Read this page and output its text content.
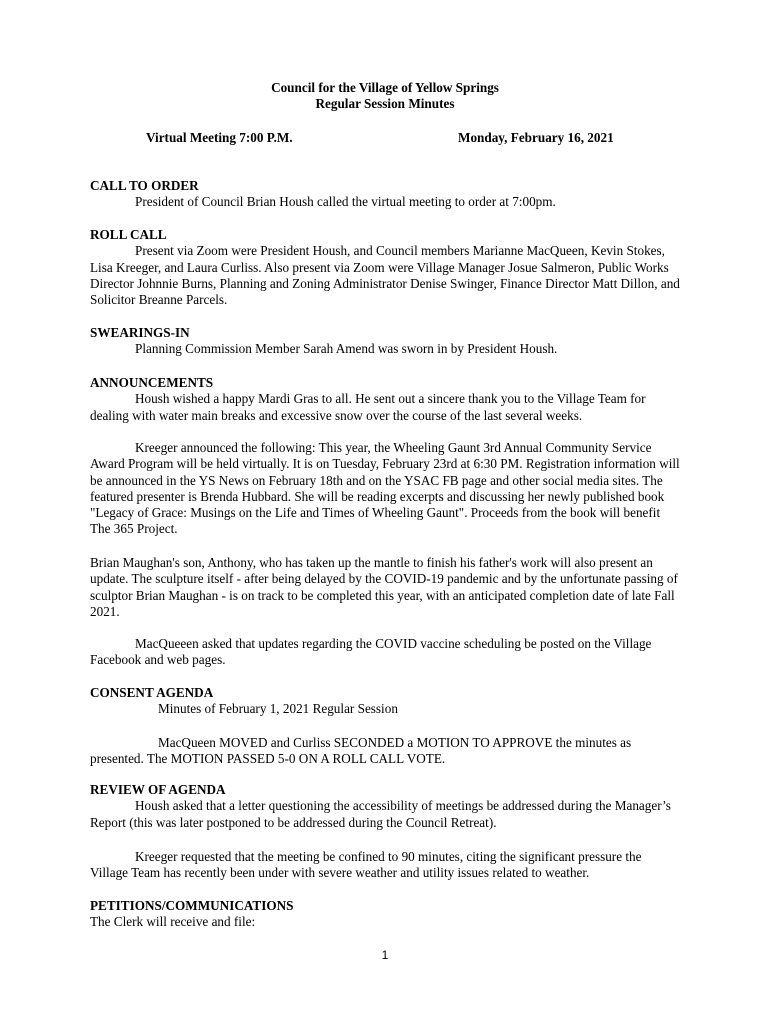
Council for the Village of Yellow Springs
Regular Session Minutes
Virtual Meeting 7:00 P.M.	Monday, February 16, 2021
CALL TO ORDER
President of Council Brian Housh called the virtual meeting to order at 7:00pm.
ROLL CALL
Present via Zoom were President Housh, and Council members Marianne MacQueen, Kevin Stokes, Lisa Kreeger, and Laura Curliss. Also present via Zoom were Village Manager Josue Salmeron, Public Works Director Johnnie Burns, Planning and Zoning Administrator Denise Swinger, Finance Director Matt Dillon, and Solicitor Breanne Parcels.
SWEARINGS-IN
Planning Commission Member Sarah Amend was sworn in by President Housh.
ANNOUNCEMENTS
Housh wished a happy Mardi Gras to all. He sent out a sincere thank you to the Village Team for dealing with water main breaks and excessive snow over the course of the last several weeks.
Kreeger announced the following: This year, the Wheeling Gaunt 3rd Annual Community Service Award Program will be held virtually. It is on Tuesday, February 23rd at 6:30 PM. Registration information will be announced in the YS News on February 18th and on the YSAC FB page and other social media sites. The featured presenter is Brenda Hubbard. She will be reading excerpts and discussing her newly published book "Legacy of Grace: Musings on the Life and Times of Wheeling Gaunt". Proceeds from the book will benefit The 365 Project.
Brian Maughan's son, Anthony, who has taken up the mantle to finish his father's work will also present an update. The sculpture itself - after being delayed by the COVID-19 pandemic and by the unfortunate passing of sculptor Brian Maughan - is on track to be completed this year, with an anticipated completion date of late Fall 2021.
MacQueeen asked that updates regarding the COVID vaccine scheduling be posted on the Village Facebook and web pages.
CONSENT AGENDA
Minutes of February 1, 2021 Regular Session
MacQueen MOVED and Curliss SECONDED a MOTION TO APPROVE the minutes as presented. The MOTION PASSED 5-0 ON A ROLL CALL VOTE.
REVIEW OF AGENDA
Housh asked that a letter questioning the accessibility of meetings be addressed during the Manager’s Report (this was later postponed to be addressed during the Council Retreat).
Kreeger requested that the meeting be confined to 90 minutes, citing the significant pressure the Village Team has recently been under with severe weather and utility issues related to weather.
PETITIONS/COMMUNICATIONS
The Clerk will receive and file:
1
